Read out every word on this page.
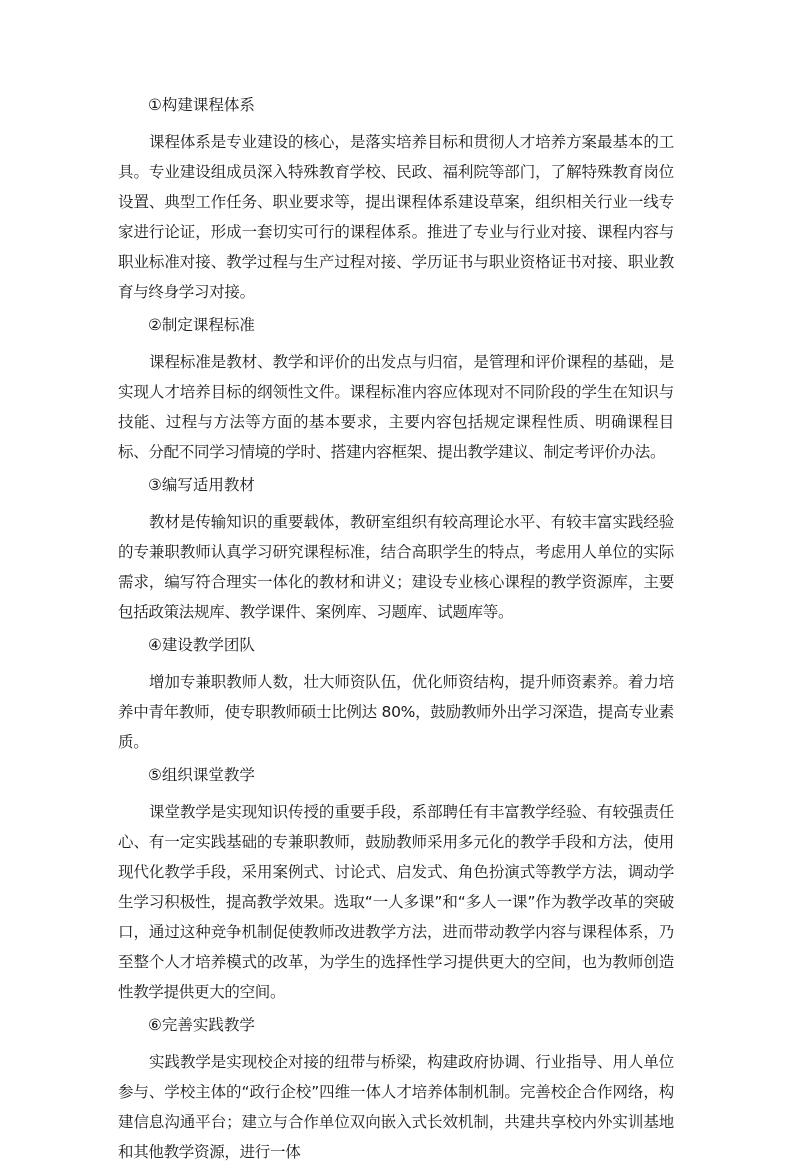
①构建课程体系

课程体系是专业建设的核心，是落实培养目标和贯彻人才培养方案最基本的工具。专业建设组成员深入特殊教育学校、民政、福利院等部门，了解特殊教育岗位设置、典型工作任务、职业要求等，提出课程体系建设草案，组织相关行业一线专家进行论证，形成一套切实可行的课程体系。推进了专业与行业对接、课程内容与职业标准对接、教学过程与生产过程对接、学历证书与职业资格证书对接、职业教育与终身学习对接。

②制定课程标准

课程标准是教材、教学和评价的出发点与归宿，是管理和评价课程的基础，是实现人才培养目标的纲领性文件。课程标准内容应体现对不同阶段的学生在知识与技能、过程与方法等方面的基本要求，主要内容包括规定课程性质、明确课程目标、分配不同学习情境的学时、搭建内容框架、提出教学建议、制定考评价办法。

③编写适用教材

教材是传输知识的重要载体，教研室组织有较高理论水平、有较丰富实践经验的专兼职教师认真学习研究课程标准，结合高职学生的特点，考虑用人单位的实际需求，编写符合理实一体化的教材和讲义；建设专业核心课程的教学资源库，主要包括政策法规库、教学课件、案例库、习题库、试题库等。

④建设教学团队

增加专兼职教师人数，壮大师资队伍，优化师资结构，提升师资素养。着力培养中青年教师，使专职教师硕士比例达 80%，鼓励教师外出学习深造，提高专业素质。

⑤组织课堂教学

课堂教学是实现知识传授的重要手段，系部聘任有丰富教学经验、有较强责任心、有一定实践基础的专兼职教师，鼓励教师采用多元化的教学手段和方法，使用现代化教学手段，采用案例式、讨论式、启发式、角色扮演式等教学方法，调动学生学习积极性，提高教学效果。选取“一人多课”和“多人一课”作为教学改革的突破口，通过这种竞争机制促使教师改进教学方法，进而带动教学内容与课程体系，乃至整个人才培养模式的改革，为学生的选择性学习提供更大的空间，也为教师创造性教学提供更大的空间。

⑥完善实践教学

实践教学是实现校企对接的纽带与桥梁，构建政府协调、行业指导、用人单位参与、学校主体的“政行企校”四维一体人才培养体制机制。完善校企合作网络，构建信息沟通平台；建立与合作单位双向嵌入式长效机制，共建共享校内外实训基地和其他教学资源，进行一体
